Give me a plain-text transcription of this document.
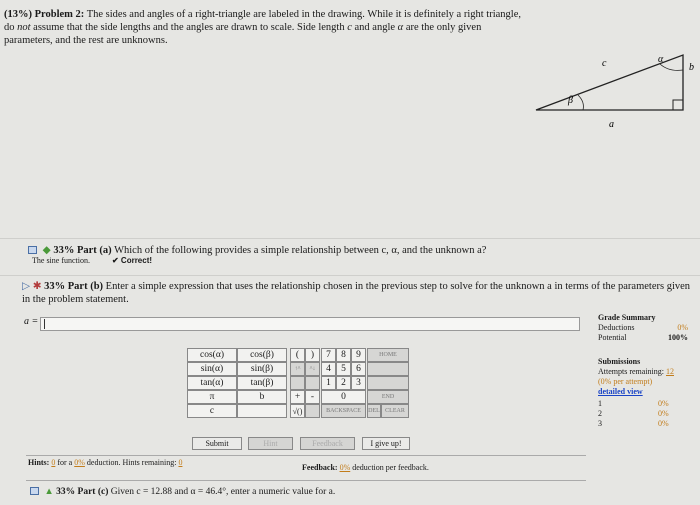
(13%) Problem 2: The sides and angles of a right-triangle are labeled in the drawing. While it is definitely a right triangle, do not assume that the side lengths and the angles are drawn to scale. Side length c and angle α are the only given parameters, and the rest are unknowns.
c	α
b
β
a
◆ 33% Part (a) Which of the following provides a simple relationship between c, α, and the unknown a?
The sine function.	✔ Correct!
▷ ✱ 33% Part (b) Enter a simple expression that uses the relationship chosen in the previous step to solve for the unknown a in terms of the parameters given in the problem statement.
a =	Grade Summary
Deductions	0%
Potential	100%
Submissions
Attempts remaining: 12
(0% per attempt)
detailed view
1	0%
2	0%
3	0%
cos(α)	cos(β)
sin(α)	sin(β)
tan(α)	tan(β)
π	b
c
(	)
↑^	^↓
+	-
√()
7	8	9
4	5	6
1	2	3
0
BACKSPACE
HOME
END
DEL CLEAR
Submit	Hint	Feedback	I give up!
Hints: 0 for a 0% deduction. Hints remaining: 0
Feedback: 0% deduction per feedback.
▲ 33% Part (c) Given c = 12.88 and α = 46.4°, enter a numeric value for a.
